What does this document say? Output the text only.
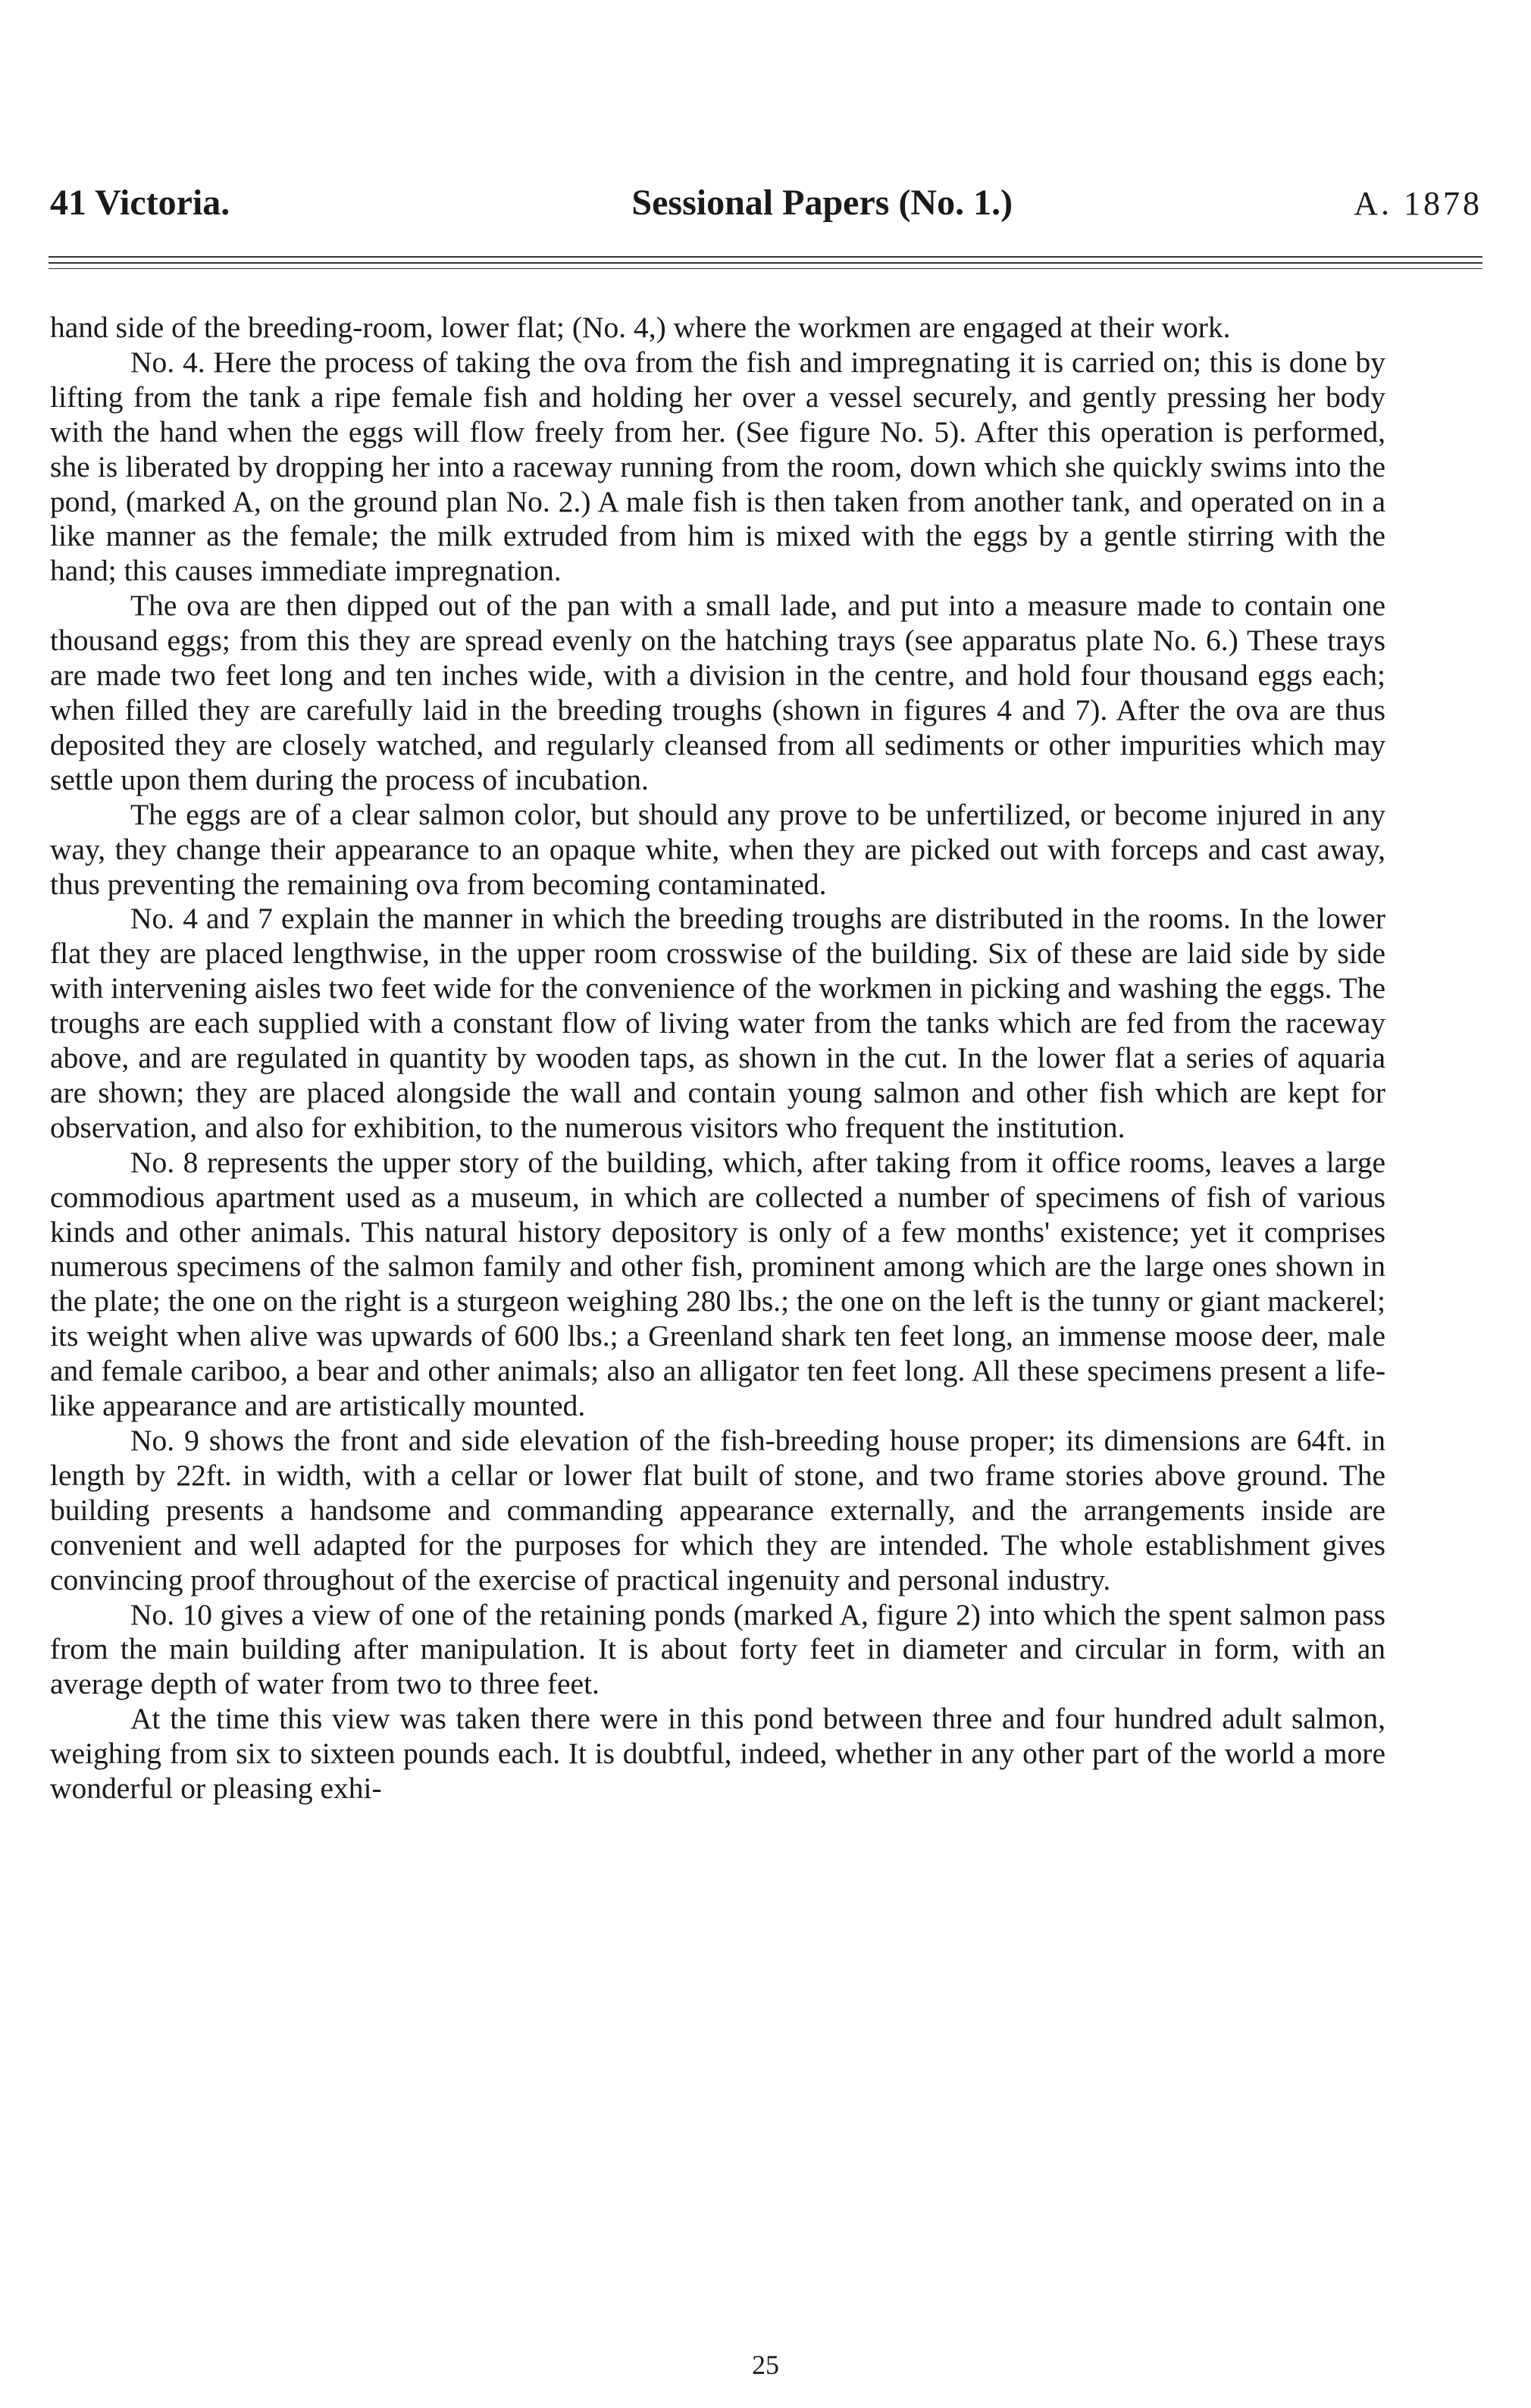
41 Victoria.	Sessional Papers (No. 1.)	A. 1878

hand side of the breeding-room, lower flat; (No. 4,) where the workmen are engaged at their work.

No. 4. Here the process of taking the ova from the fish and impregnating it is carried on; this is done by lifting from the tank a ripe female fish and holding her over a vessel securely, and gently pressing her body with the hand when the eggs will flow freely from her. (See figure No. 5). After this operation is performed, she is liberated by dropping her into a raceway running from the room, down which she quickly swims into the pond, (marked A, on the ground plan No. 2.) A male fish is then taken from another tank, and operated on in a like manner as the female; the milk extruded from him is mixed with the eggs by a gentle stirring with the hand; this causes immediate impregnation.

The ova are then dipped out of the pan with a small lade, and put into a measure made to contain one thousand eggs; from this they are spread evenly on the hatching trays (see apparatus plate No. 6.) These trays are made two feet long and ten inches wide, with a division in the centre, and hold four thousand eggs each; when filled they are carefully laid in the breeding troughs (shown in figures 4 and 7). After the ova are thus deposited they are closely watched, and regularly cleansed from all sediments or other impurities which may settle upon them during the process of incubation.

The eggs are of a clear salmon color, but should any prove to be unfertilized, or become injured in any way, they change their appearance to an opaque white, when they are picked out with forceps and cast away, thus preventing the remaining ova from becoming contaminated.

No. 4 and 7 explain the manner in which the breeding troughs are distributed in the rooms. In the lower flat they are placed lengthwise, in the upper room crosswise of the building. Six of these are laid side by side with intervening aisles two feet wide for the convenience of the workmen in picking and washing the eggs. The troughs are each supplied with a constant flow of living water from the tanks which are fed from the raceway above, and are regulated in quantity by wooden taps, as shown in the cut. In the lower flat a series of aquaria are shown; they are placed alongside the wall and contain young salmon and other fish which are kept for observation, and also for exhibition, to the numerous visitors who frequent the institution.

No. 8 represents the upper story of the building, which, after taking from it office rooms, leaves a large commodious apartment used as a museum, in which are collected a number of specimens of fish of various kinds and other animals. This natural history depository is only of a few months' existence; yet it comprises numerous specimens of the salmon family and other fish, prominent among which are the large ones shown in the plate; the one on the right is a sturgeon weighing 280 lbs.; the one on the left is the tunny or giant mackerel; its weight when alive was upwards of 600 lbs.; a Greenland shark ten feet long, an immense moose deer, male and female cariboo, a bear and other animals; also an alligator ten feet long. All these specimens present a life-like appearance and are artistically mounted.

No. 9 shows the front and side elevation of the fish-breeding house proper; its dimensions are 64ft. in length by 22ft. in width, with a cellar or lower flat built of stone, and two frame stories above ground. The building presents a handsome and commanding appearance externally, and the arrangements inside are convenient and well adapted for the purposes for which they are intended. The whole establishment gives convincing proof throughout of the exercise of practical ingenuity and personal industry.

No. 10 gives a view of one of the retaining ponds (marked A, figure 2) into which the spent salmon pass from the main building after manipulation. It is about forty feet in diameter and circular in form, with an average depth of water from two to three feet.

At the time this view was taken there were in this pond between three and four hundred adult salmon, weighing from six to sixteen pounds each. It is doubtful, indeed, whether in any other part of the world a more wonderful or pleasing exhi-

25
